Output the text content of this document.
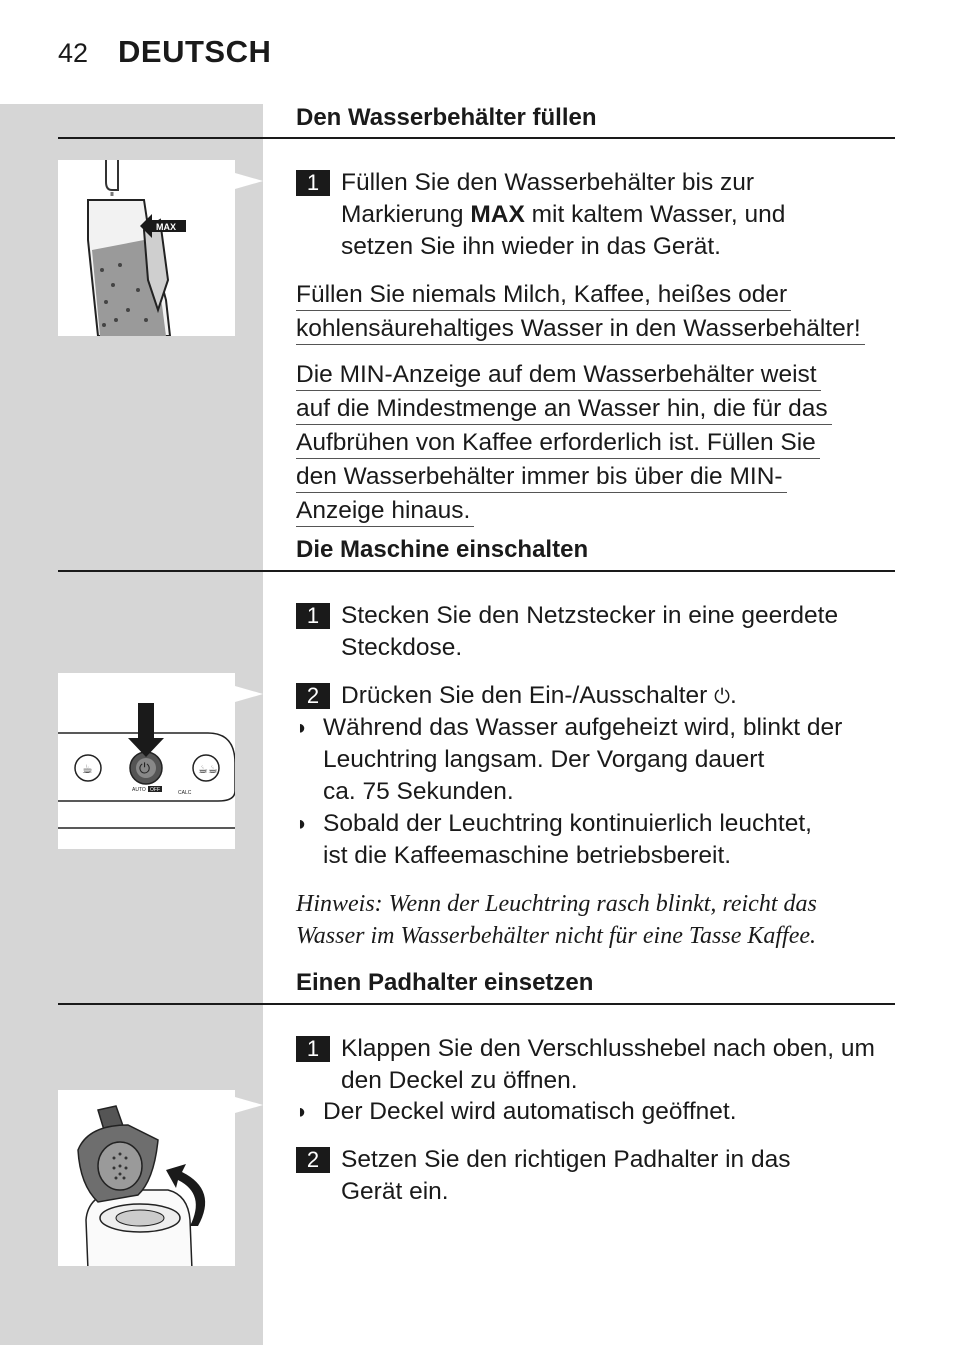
42 DEUTSCH
Den Wasserbehälter füllen
MAX
1 Füllen Sie den Wasserbehälter bis zur
Markierung MAX mit kaltem Wasser, und
setzen Sie ihn wieder in das Gerät.
Füllen Sie niemals Milch, Kaffee, heißes oder
kohlensäurehaltiges Wasser in den Wasserbehälter!
Die MIN-Anzeige auf dem Wasserbehälter weist
auf die Mindestmenge an Wasser hin, die für das
Aufbrühen von Kaffee erforderlich ist. Füllen Sie
den Wasserbehälter immer bis über die MIN-
Anzeige hinaus.
Die Maschine einschalten
1 Stecken Sie den Netzstecker in eine geerdete
Steckdose.
☕	⏻	☕☕
AUTO OFF	CALC
2 Drücken Sie den Ein-/Ausschalter ⏻.
◗ Während das Wasser aufgeheizt wird, blinkt der
Leuchtring langsam. Der Vorgang dauert
ca. 75 Sekunden.
◗ Sobald der Leuchtring kontinuierlich leuchtet,
ist die Kaffeemaschine betriebsbereit.
Hinweis: Wenn der Leuchtring rasch blinkt, reicht das
Wasser im Wasserbehälter nicht für eine Tasse Kaffee.
Einen Padhalter einsetzen
1 Klappen Sie den Verschlusshebel nach oben, um
den Deckel zu öffnen.
◗ Der Deckel wird automatisch geöffnet.
2 Setzen Sie den richtigen Padhalter in das
Gerät ein.
